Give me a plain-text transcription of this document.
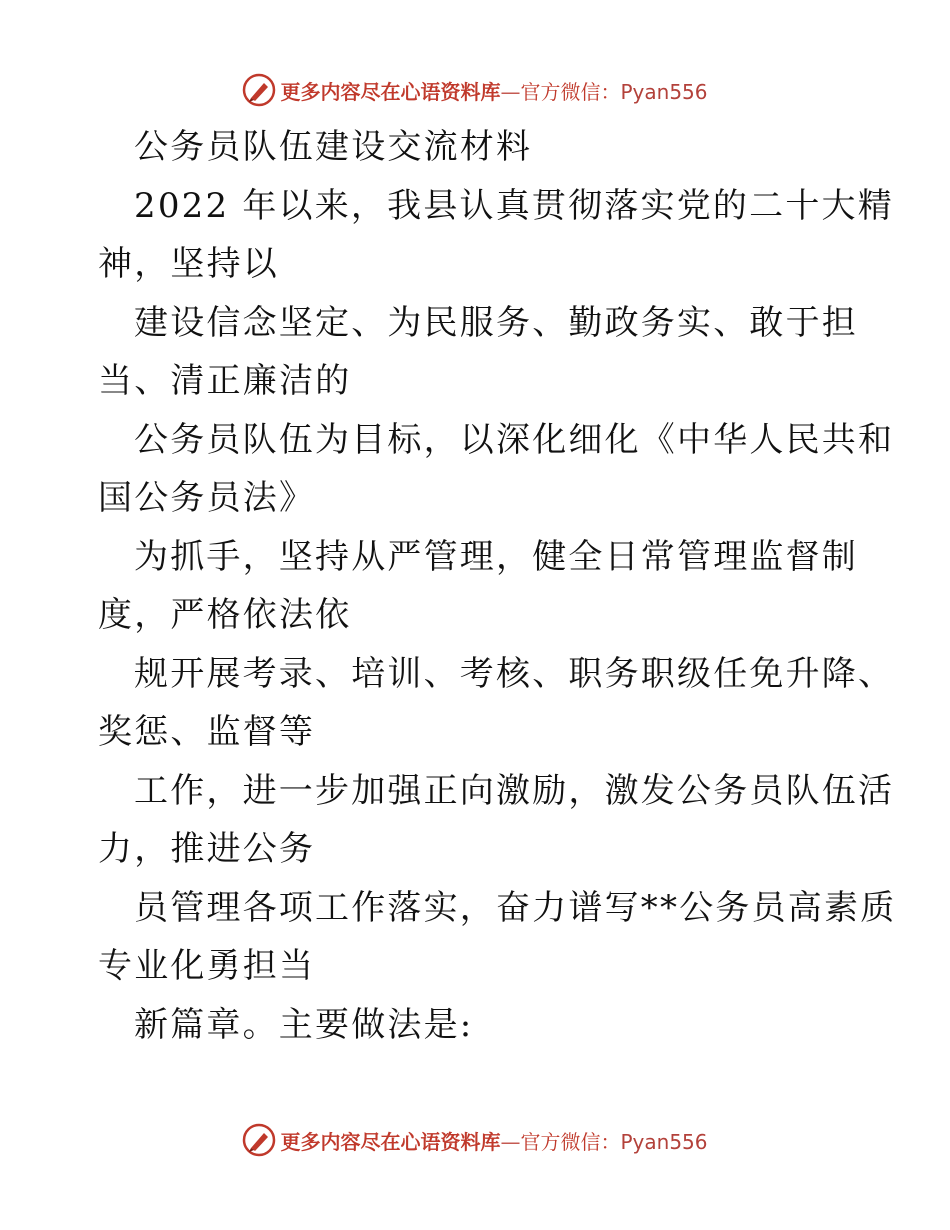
更多内容尽在心语资料库—官方微信：Pyan556
公务员队伍建设交流材料
2022 年以来，我县认真贯彻落实党的二十大精
神，坚持以
建设信念坚定、为民服务、勤政务实、敢于担
当、清正廉洁的
公务员队伍为目标，以深化细化《中华人民共和
国公务员法》
为抓手，坚持从严管理，健全日常管理监督制
度，严格依法依
规开展考录、培训、考核、职务职级任免升降、
奖惩、监督等
工作，进一步加强正向激励，激发公务员队伍活
力，推进公务
员管理各项工作落实，奋力谱写**公务员高素质
专业化勇担当
新篇章。主要做法是:
更多内容尽在心语资料库—官方微信：Pyan556
